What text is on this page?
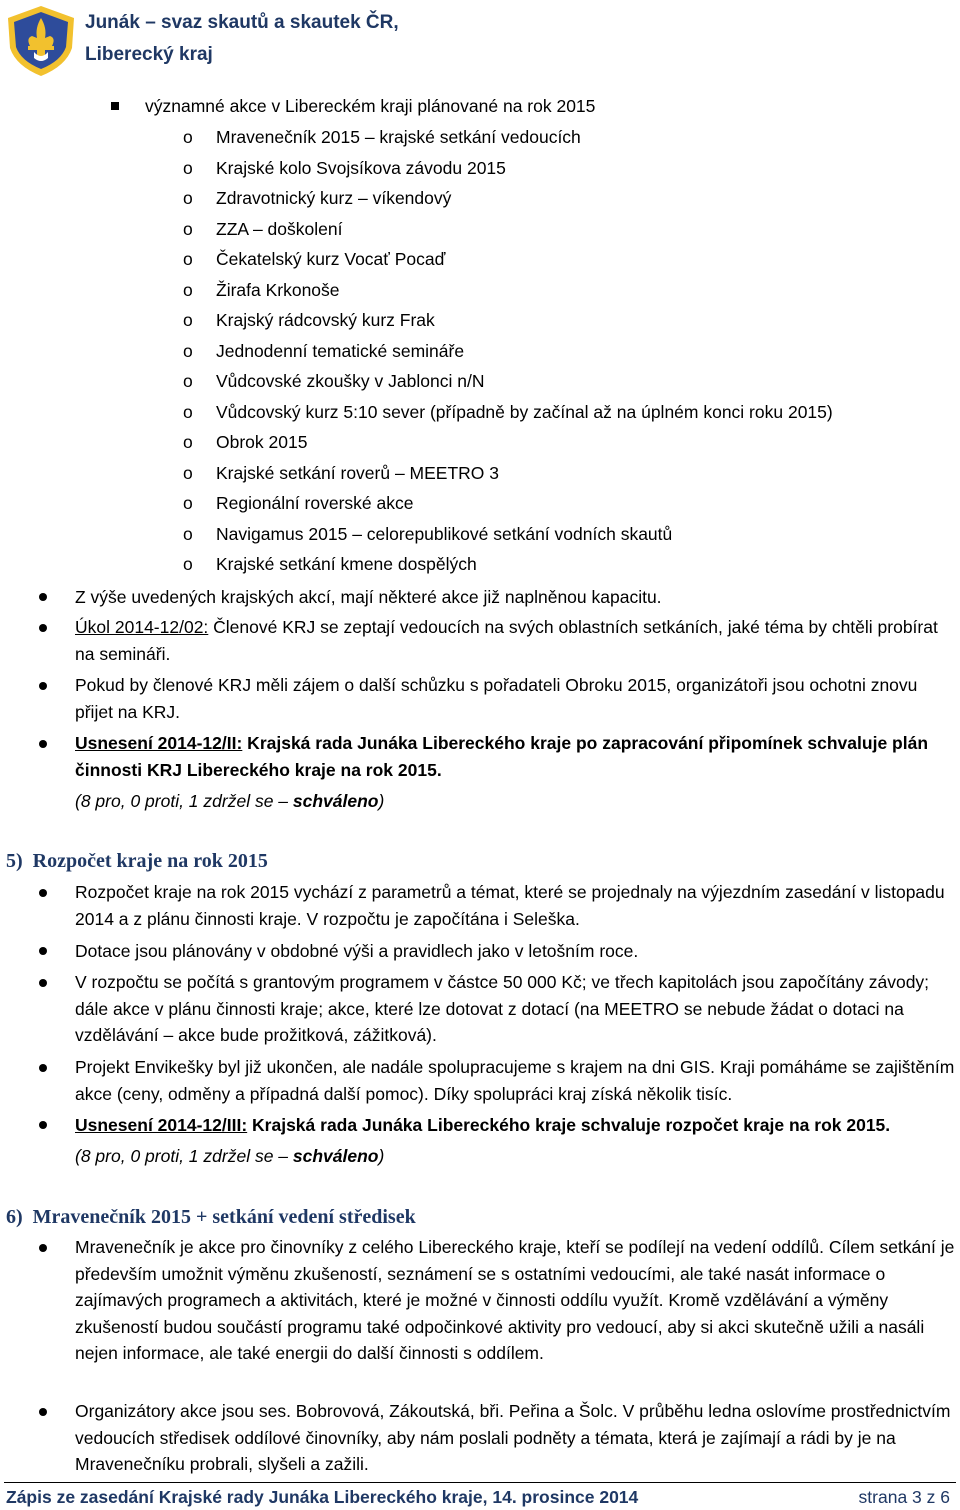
Junák – svaz skautů a skautek ČR,
Liberecký kraj
významné akce v Libereckém kraji plánované na rok 2015
o Mravenečník 2015 – krajské setkání vedoucích
o Krajské kolo Svojsíkova závodu 2015
o Zdravotnický kurz – víkendový
o ZZA – doškolení
o Čekatelský kurz Vocať Pocaď
o Žirafa Krkonoše
o Krajský rádcovský kurz Frak
o Jednodenní tematické semináře
o Vůdcovské zkoušky v Jablonci n/N
o Vůdcovský kurz 5:10 sever (případně by začínal až na úplném konci roku 2015)
o Obrok 2015
o Krajské setkání roverů – MEETRO 3
o Regionální roverské akce
o Navigamus 2015 – celorepublikové setkání vodních skautů
o Krajské setkání kmene dospělých
Z výše uvedených krajských akcí, mají některé akce již naplněnou kapacitu.
Úkol 2014-12/02: Členové KRJ se zeptají vedoucích na svých oblastních setkáních, jaké téma by chtěli probírat na semináři.
Pokud by členové KRJ měli zájem o další schůzku s pořadateli Obroku 2015, organizátoři jsou ochotni znovu přijet na KRJ.
Usnesení 2014-12/II: Krajská rada Junáka Libereckého kraje po zapracování připomínek schvaluje plán činnosti KRJ Libereckého kraje na rok 2015.
(8 pro, 0 proti, 1 zdržel se – schváleno)
5) Rozpočet kraje na rok 2015
Rozpočet kraje na rok 2015 vychází z parametrů a témat, které se projednaly na výjezdním zasedání v listopadu 2014 a z plánu činnosti kraje. V rozpočtu je započítána i Seleška.
Dotace jsou plánovány v obdobné výši a pravidlech jako v letošním roce.
V rozpočtu se počítá s grantovým programem v částce 50 000 Kč; ve třech kapitolách jsou započítány závody; dále akce v plánu činnosti kraje; akce, které lze dotovat z dotací (na MEETRO se nebude žádat o dotaci na vzdělávání – akce bude prožitková, zážitková).
Projekt Envikešky byl již ukončen, ale nadále spolupracujeme s krajem na dni GIS. Kraji pomáháme se zajištěním akce (ceny, odměny a případná další pomoc). Díky spolupráci kraj získá několik tisíc.
Usnesení 2014-12/III: Krajská rada Junáka Libereckého kraje schvaluje rozpočet kraje na rok 2015.
(8 pro, 0 proti, 1 zdržel se – schváleno)
6) Mravenečník 2015 + setkání vedení středisek
Mravenečník je akce pro činovníky z celého Libereckého kraje, kteří se podílejí na vedení oddílů. Cílem setkání je především umožnit výměnu zkušeností, seznámení se s ostatními vedoucími, ale také nasát informace o zajímavých programech a aktivitách, které je možné v činnosti oddílu využít. Kromě vzdělávání a výměny zkušeností budou součástí programu také odpočinkové aktivity pro vedoucí, aby si akci skutečně užili a nasáli nejen informace, ale také energii do další činnosti s oddílem.
Organizátory akce jsou ses. Bobrovová, Zákoutská, bři. Peřina a Šolc. V průběhu ledna oslovíme prostřednictvím vedoucích středisek oddílové činovníky, aby nám poslali podněty a témata, která je zajímají a rádi by je na Mravenečníku probrali, slyšeli a zažili.
Zápis ze zasedání Krajské rady Junáka Libereckého kraje, 14. prosince 2014	strana 3 z 6
